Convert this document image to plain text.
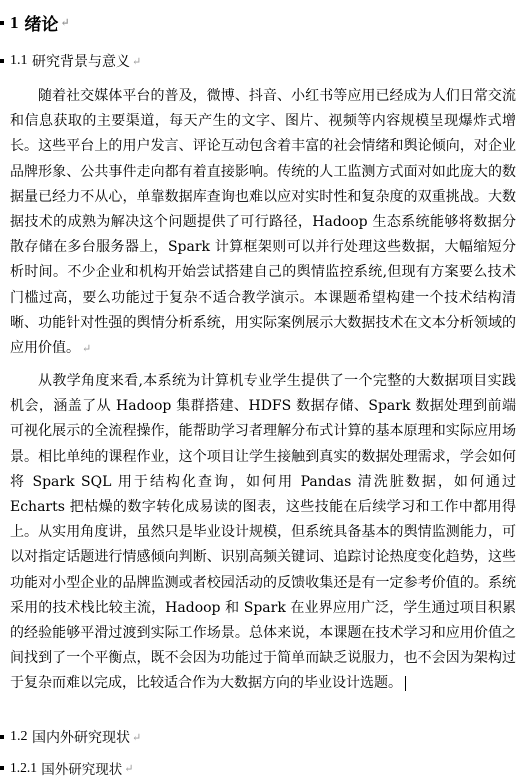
1
绪论 ↵
1.1
研究背景与意义 ↵

随着社交媒体平台的普及，微博、抖音、小红书等应用已经成为人们日常交流和信息获取的主要渠道，每天产生的文字、图片、视频等内容规模呈现爆炸式增长。这些平台上的用户发言、评论互动包含着丰富的社会情绪和舆论倾向，对企业品牌形象、公共事件走向都有着直接影响。传统的人工监测方式面对如此庞大的数据量已经力不从心，单靠数据库查询也难以应对实时性和复杂度的双重挑战。大数据技术的成熟为解决这个问题提供了可行路径，Hadoop 生态系统能够将数据分散存储在多台服务器上，Spark 计算框架则可以并行处理这些数据，大幅缩短分析时间。不少企业和机构开始尝试搭建自己的舆情监控系统,但现有方案要么技术门槛过高，要么功能过于复杂不适合教学演示。本课题希望构建一个技术结构清晰、功能针对性强的舆情分析系统，用实际案例展示大数据技术在文本分析领域的应用价值。 ↵

从教学角度来看,本系统为计算机专业学生提供了一个完整的大数据项目实践机会，涵盖了从 Hadoop 集群搭建、HDFS 数据存储、Spark 数据处理到前端可视化展示的全流程操作，能帮助学习者理解分布式计算的基本原理和实际应用场景。相比单纯的课程作业，这个项目让学生接触到真实的数据处理需求，学会如何将 Spark SQL 用于结构化查询，如何用 Pandas 清洗脏数据，如何通过 Echarts 把枯燥的数字转化成易读的图表，这些技能在后续学习和工作中都用得上。从实用角度讲，虽然只是毕业设计规模，但系统具备基本的舆情监测能力，可以对指定话题进行情感倾向判断、识别高频关键词、追踪讨论热度变化趋势，这些功能对小型企业的品牌监测或者校园活动的反馈收集还是有一定参考价值的。系统采用的技术栈比较主流，Hadoop 和 Spark 在业界应用广泛，学生通过项目积累的经验能够平滑过渡到实际工作场景。总体来说，本课题在技术学习和应用价值之间找到了一个平衡点，既不会因为功能过于简单而缺乏说服力，也不会因为架构过于复杂而难以完成，比较适合作为大数据方向的毕业设计选题。

1.2
国内外研究现状 ↵
1.2.1
国外研究现状 ↵
